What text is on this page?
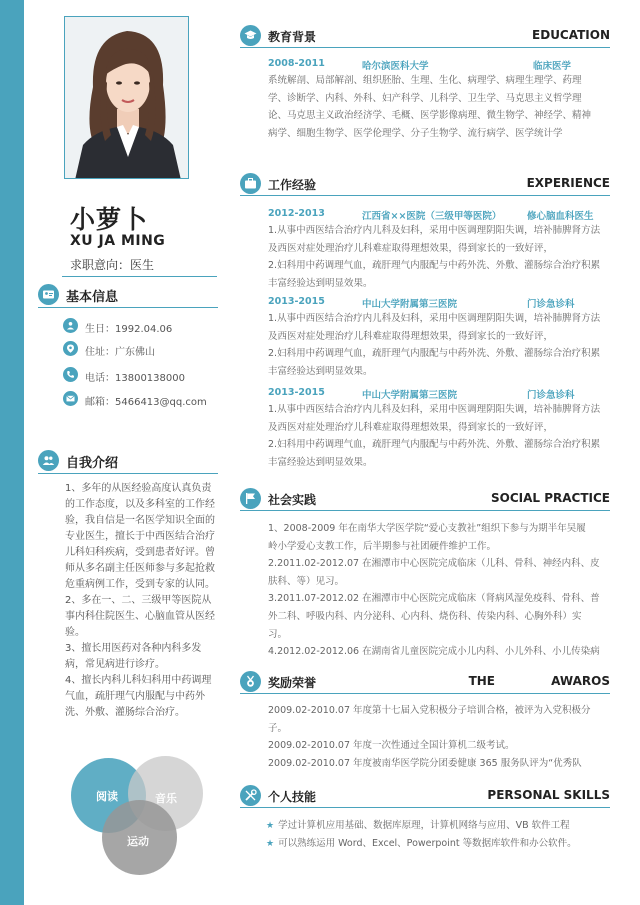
小萝卜
XU JA MING
求职意向：医生
基本信息
生日：1992.04.06
住址：广东佛山
电话：13800138000
邮箱：5466413@qq.com
自我介绍

1、多年的从医经验高度认真负责

的工作态度，以及多科室的工作经

验，我自信是一名医学知识全面的

专业医生，擅长于中西医结合治疗

儿科妇科疾病，受到患者好评。曾

师从多名副主任医师参与多起抢救

危重病例工作，受到专家的认同。

2、多在一、二、三级甲等医院从

事内科住院医生、心脑血管从医经

验。

3、擅长用医药对各种内科多发

病，常见病进行诊疗。

4、擅长内科儿科妇科用中药调理

气血，疏肝理气内服配与中药外

洗、外敷、灌肠综合治疗。

阅读	音乐
运动
教育背景	EDUCATION
2008-2011	哈尔滨医科大学	临床医学

系统解剖、局部解剖、组织胚胎、生理、生化、病理学、病理生理学、药理

学、诊断学、内科、外科、妇产科学、儿科学、卫生学、马克思主义哲学理

论、马克思主义政治经济学、毛概、医学影像病理、微生物学、神经学、精神

病学、细胞生物学、医学伦理学、分子生物学、流行病学、医学统计学

工作经验	EXPERIENCE
2012-2013	江西省××医院（三级甲等医院）	修心脑血科医生

1.从事中西医结合治疗内儿科及妇科，采用中医调理阴阳失调，培补肺脾肾方法

及西医对症处理治疗儿科难症取得理想效果，得到家长的一致好评，

2.妇科用中药调理气血，疏肝理气内服配与中药外洗、外敷、灌肠综合治疗积累

丰富经验达到明显效果。

2013-2015	中山大学附属第三医院	门诊急诊科

1.从事中西医结合治疗内儿科及妇科，采用中医调理阴阳失调，培补肺脾肾方法

及西医对症处理治疗儿科难症取得理想效果，得到家长的一致好评，

2.妇科用中药调理气血，疏肝理气内服配与中药外洗、外敷、灌肠综合治疗积累

丰富经验达到明显效果。

2013-2015	中山大学附属第三医院	门诊急诊科

1.从事中西医结合治疗内儿科及妇科，采用中医调理阴阳失调，培补肺脾肾方法

及西医对症处理治疗儿科难症取得理想效果，得到家长的一致好评，

2.妇科用中药调理气血，疏肝理气内服配与中药外洗、外敷、灌肠综合治疗积累

丰富经验达到明显效果。

社会实践	SOCIAL PRACTICE

1、2008-2009 年在南华大学医学院“爱心支教社”组织下参与为期半年吴履

岭小学爱心支教工作，后半期参与社团硬件维护工作。

2.2011.02-2012.07 在湘潭市中心医院完成临床（儿科、骨科、神经内科、皮

肤科、等）见习。

3.2011.07-2012.02 在湘潭市中心医院完成临床（肾病风湿免疫科、骨科、普

外二科、呼吸内科、内分泌科、心内科、烧伤科、传染内科、心胸外科）实

习。

4.2012.02-2012.06 在湖南省儿童医院完成小儿内科、小儿外科、小儿传染病

奖励荣誉	THE	AWAROS

2009.02-2010.07 年度第十七届入党积极分子培训合格，被评为入党积极分

子。

2009.02-2010.07 年度一次性通过全国计算机二级考试。

2009.02-2010.07 年度被南华医学院分团委健康 365 服务队评为“优秀队

个人技能	PERSONAL SKILLS

★ 学过计算机应用基础、数据库原理，计算机网络与应用、VB 软件工程

★ 可以熟练运用 Word、Excel、Powerpoint 等数据库软件和办公软件。
